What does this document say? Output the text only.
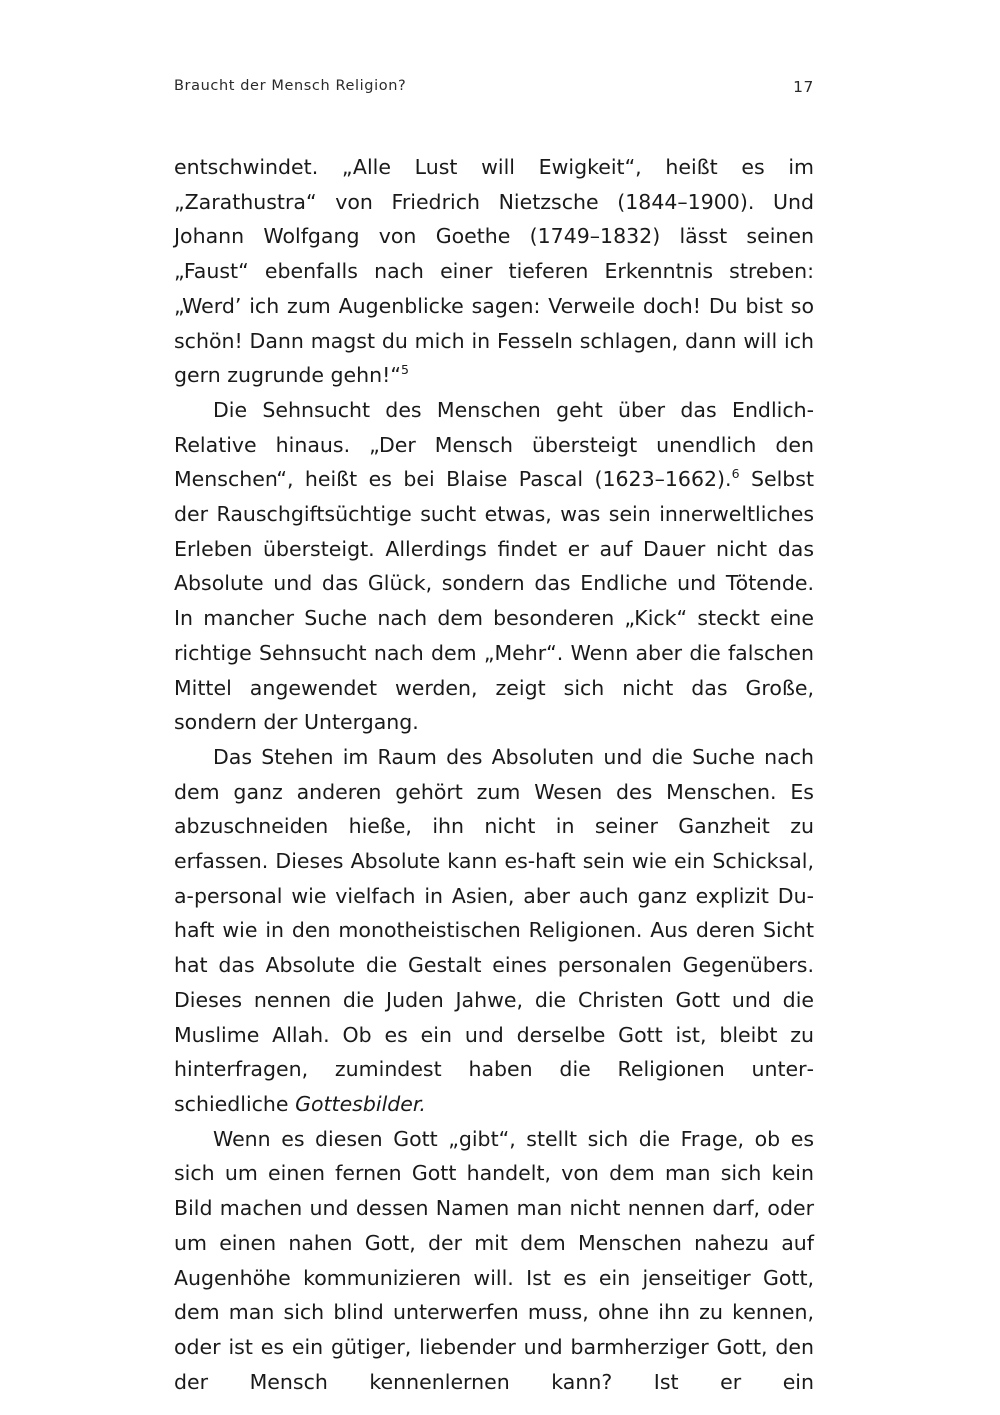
Braucht der Mensch Religion?	17

entschwindet. „Alle Lust will Ewigkeit“, heißt es im „Zarathustra“ von Friedrich Nietzsche (1844–1900). Und Johann Wolfgang von Goethe (1749–1832) lässt seinen „Faust“ ebenfalls nach einer tieferen Erkenntnis streben: „Werd’ ich zum Augenblicke sagen: Verweile doch! Du bist so schön! Dann magst du mich in Fesseln schlagen, dann will ich gern zugrunde gehn!“$^5$

Die Sehnsucht des Menschen geht über das Endlich-Relative hinaus. „Der Mensch übersteigt unendlich den Menschen“, heißt es bei Blaise Pascal (1623–1662).$^6$ Selbst der Rauschgiftsüchtige sucht etwas, was sein innerweltliches Erleben übersteigt. Allerdings findet er auf Dauer nicht das Absolute und das Glück, sondern das Endliche und Tötende. In mancher Suche nach dem besonderen „Kick“ steckt eine richtige Sehnsucht nach dem „Mehr“. Wenn aber die falschen Mittel angewendet werden, zeigt sich nicht das Große, sondern der Untergang.

Das Stehen im Raum des Absoluten und die Suche nach dem ganz anderen gehört zum Wesen des Menschen. Es abzuschneiden hieße, ihn nicht in seiner Ganzheit zu erfassen. Dieses Absolute kann es-haft sein wie ein Schicksal, a-personal wie vielfach in Asien, aber auch ganz explizit Du-haft wie in den monotheistischen Religionen. Aus deren Sicht hat das Absolute die Gestalt eines personalen Gegenübers. Dieses nennen die Juden Jahwe, die Christen Gott und die Muslime Allah. Ob es ein und derselbe Gott ist, bleibt zu hinterfragen, zumindest haben die Religionen unterschiedliche Gottesbilder.

Wenn es diesen Gott „gibt“, stellt sich die Frage, ob es sich um einen fernen Gott handelt, von dem man sich kein Bild machen und dessen Namen man nicht nennen darf, oder um einen nahen Gott, der mit dem Menschen nahezu auf Augenhöhe kommunizieren will. Ist es ein jenseitiger Gott, dem man sich blind unterwerfen muss, ohne ihn zu kennen, oder ist es ein gütiger, liebender und barmherziger Gott, den der Mensch kennenlernen kann? Ist er ein
